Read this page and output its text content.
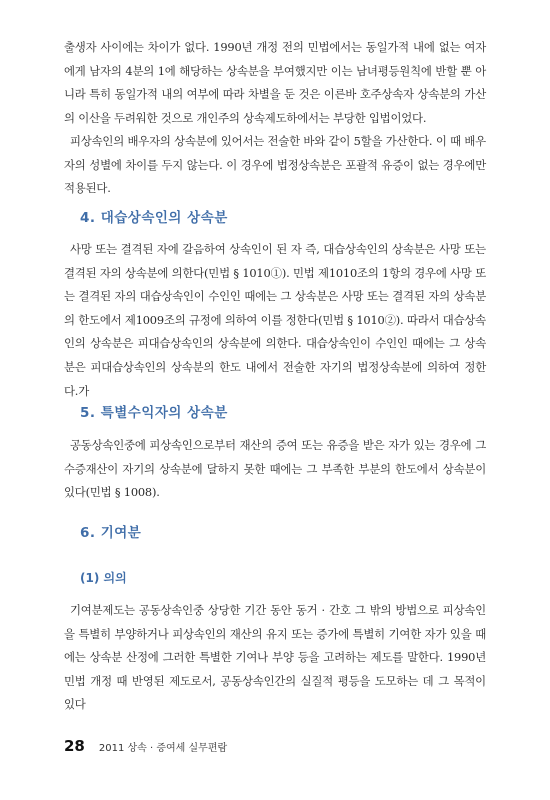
출생자 사이에는 차이가 없다. 1990년 개정 전의 민법에서는 동일가적 내에 없는 여자에게 남자의 4분의 1에 해당하는 상속분을 부여했지만 이는 남녀평등원칙에 반할 뿐 아니라 특히 동일가적 내의 여부에 따라 차별을 둔 것은 이른바 호주상속자 상속분의 가산의 이산을 두려워한 것으로 개인주의 상속제도하에서는 부당한 입법이었다.

피상속인의 배우자의 상속분에 있어서는 전술한 바와 같이 5할을 가산한다. 이 때 배우자의 성별에 차이를 두지 않는다. 이 경우에 법정상속분은 포괄적 유증이 없는 경우에만 적용된다.

4. 대습상속인의 상속분

사망 또는 결격된 자에 갈음하여 상속인이 된 자 즉, 대습상속인의 상속분은 사망 또는 결격된 자의 상속분에 의한다(민법 § 1010①). 민법 제1010조의 1항의 경우에 사망 또는 결격된 자의 대습상속인이 수인인 때에는 그 상속분은 사망 또는 결격된 자의 상속분의 한도에서 제1009조의 규정에 의하여 이를 정한다(민법 § 1010②). 따라서 대습상속인의 상속분은 피대습상속인의 상속분에 의한다. 대습상속인이 수인인 때에는 그 상속분은 피대습상속인의 상속분의 한도 내에서 전술한 자기의 법정상속분에 의하여 정한다.가

5. 특별수익자의 상속분

공동상속인중에 피상속인으로부터 재산의 증여 또는 유증을 받은 자가 있는 경우에 그 수증재산이 자기의 상속분에 달하지 못한 때에는 그 부족한 부분의 한도에서 상속분이 있다(민법 § 1008).

6. 기여분
(1) 의의

기여분제도는 공동상속인중 상당한 기간 동안 동거 · 간호 그 밖의 방법으로 피상속인을 특별히 부양하거나 피상속인의 재산의 유지 또는 증가에 특별히 기여한 자가 있을 때에는 상속분 산정에 그러한 특별한 기여나 부양 등을 고려하는 제도를 말한다. 1990년 민법 개정 때 반영된 제도로서, 공동상속인간의 실질적 평등을 도모하는 데 그 목적이 있다

28 2011 상속 · 증여세 실무편람
